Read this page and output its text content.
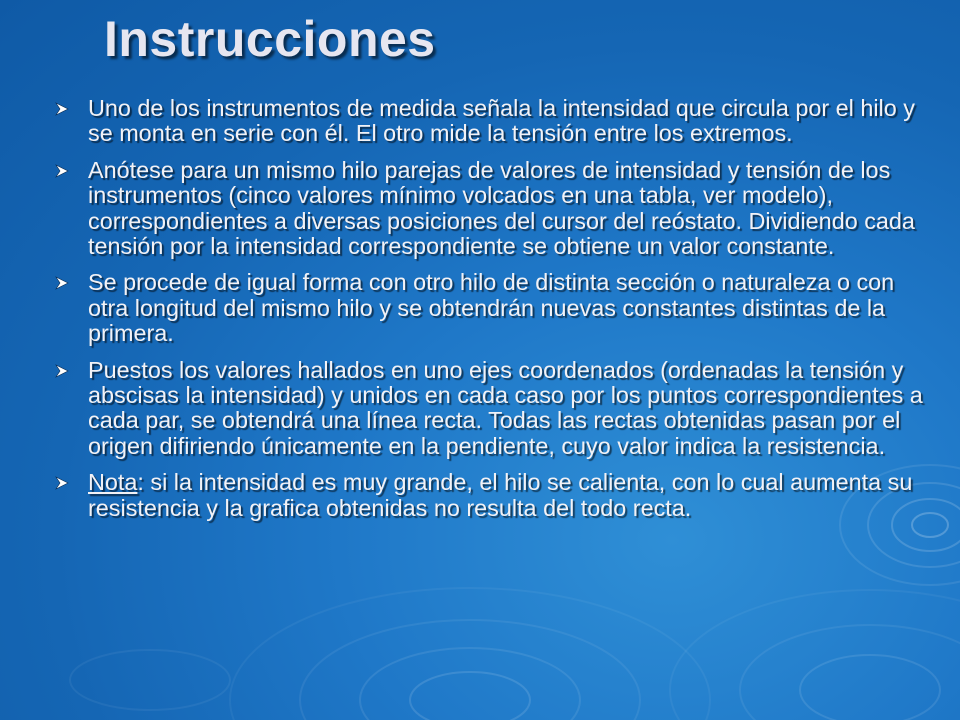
Instrucciones
Uno de los instrumentos de medida señala la intensidad que circula por el hilo y se monta en serie con él. El otro mide la tensión entre los extremos.
Anótese para un mismo hilo parejas de valores de intensidad y tensión de los instrumentos (cinco valores mínimo volcados en una tabla, ver modelo), correspondientes a diversas posiciones del cursor del reóstato. Dividiendo cada tensión por la intensidad correspondiente se obtiene un valor constante.
Se procede de igual forma con otro hilo de distinta sección o naturaleza o con otra longitud del mismo hilo y se obtendrán nuevas constantes distintas de la primera.
Puestos los valores hallados en uno ejes coordenados (ordenadas la tensión y abscisas la intensidad) y unidos en cada caso por los puntos correspondientes a cada par, se obtendrá una línea recta. Todas las rectas obtenidas pasan por el origen difiriendo únicamente en la pendiente, cuyo valor indica la resistencia.
Nota: si la intensidad es muy grande, el hilo se calienta, con lo cual aumenta su resistencia y la grafica obtenidas no resulta del todo recta.
